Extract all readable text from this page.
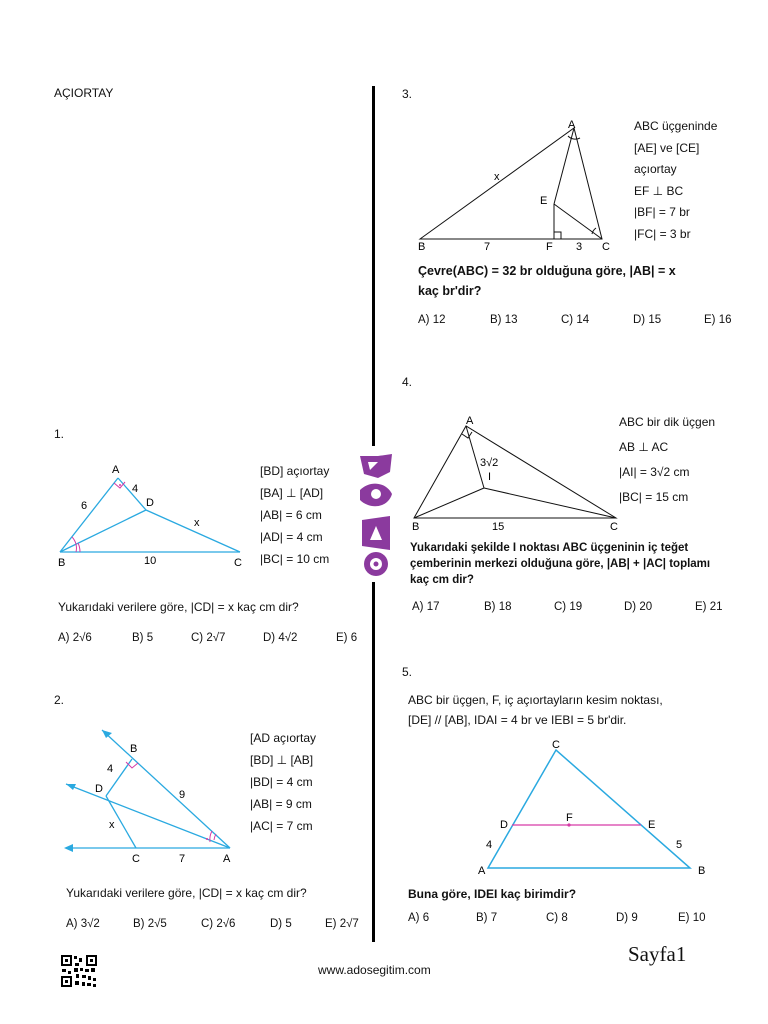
AÇIORTAY
1.
A
B	C
D
6
4
x
10
[BD] açıortay
[BA] ⊥ [AD]
|AB| = 6 cm
|AD| = 4 cm
|BC| = 10 cm
Yukarıdaki verilere göre, |CD| = x kaç cm dir?
A) 2√6	B) 5	C) 2√7	D) 4√2	E) 6
2.
B
D
C	A
4
9
x
7
[AD açıortay
[BD] ⊥ [AB]
|BD| = 4 cm
|AB| = 9 cm
|AC| = 7 cm
Yukarıdaki verilere göre, |CD| = x kaç cm dir?
A) 3√2	B) 2√5	C) 2√6	D) 5	E) 2√7
3.
A
B	C
E
F
x
7	3
ABC üçgeninde
[AE] ve [CE]
açıortay
EF ⊥ BC
|BF| = 7 br
|FC| = 3 br
Çevre(ABC) = 32 br olduğuna göre, |AB| = x
kaç br'dir?
A) 12	B) 13	C) 14	D) 15	E) 16
4.
A
B	C
I
3√2
15
ABC bir dik üçgen
AB ⊥ AC
|AI| = 3√2 cm
|BC| = 15 cm
Yukarıdaki şekilde I noktası ABC üçgeninin iç teğet
çemberinin merkezi olduğuna göre, |AB| + |AC| toplamı
kaç cm dir?
A) 17	B) 18	C) 19	D) 20	E) 21
5.
ABC bir üçgen, F, iç açıortayların kesim noktası,
[DE] // [AB], IDAI = 4 br ve IEBI = 5 br'dir.
C
D	E
F
A	B
4	5
Buna göre, IDEI kaç birimdir?
A) 6	B) 7	C) 8	D) 9	E) 10
Sayfa1
www.adosegitim.com
